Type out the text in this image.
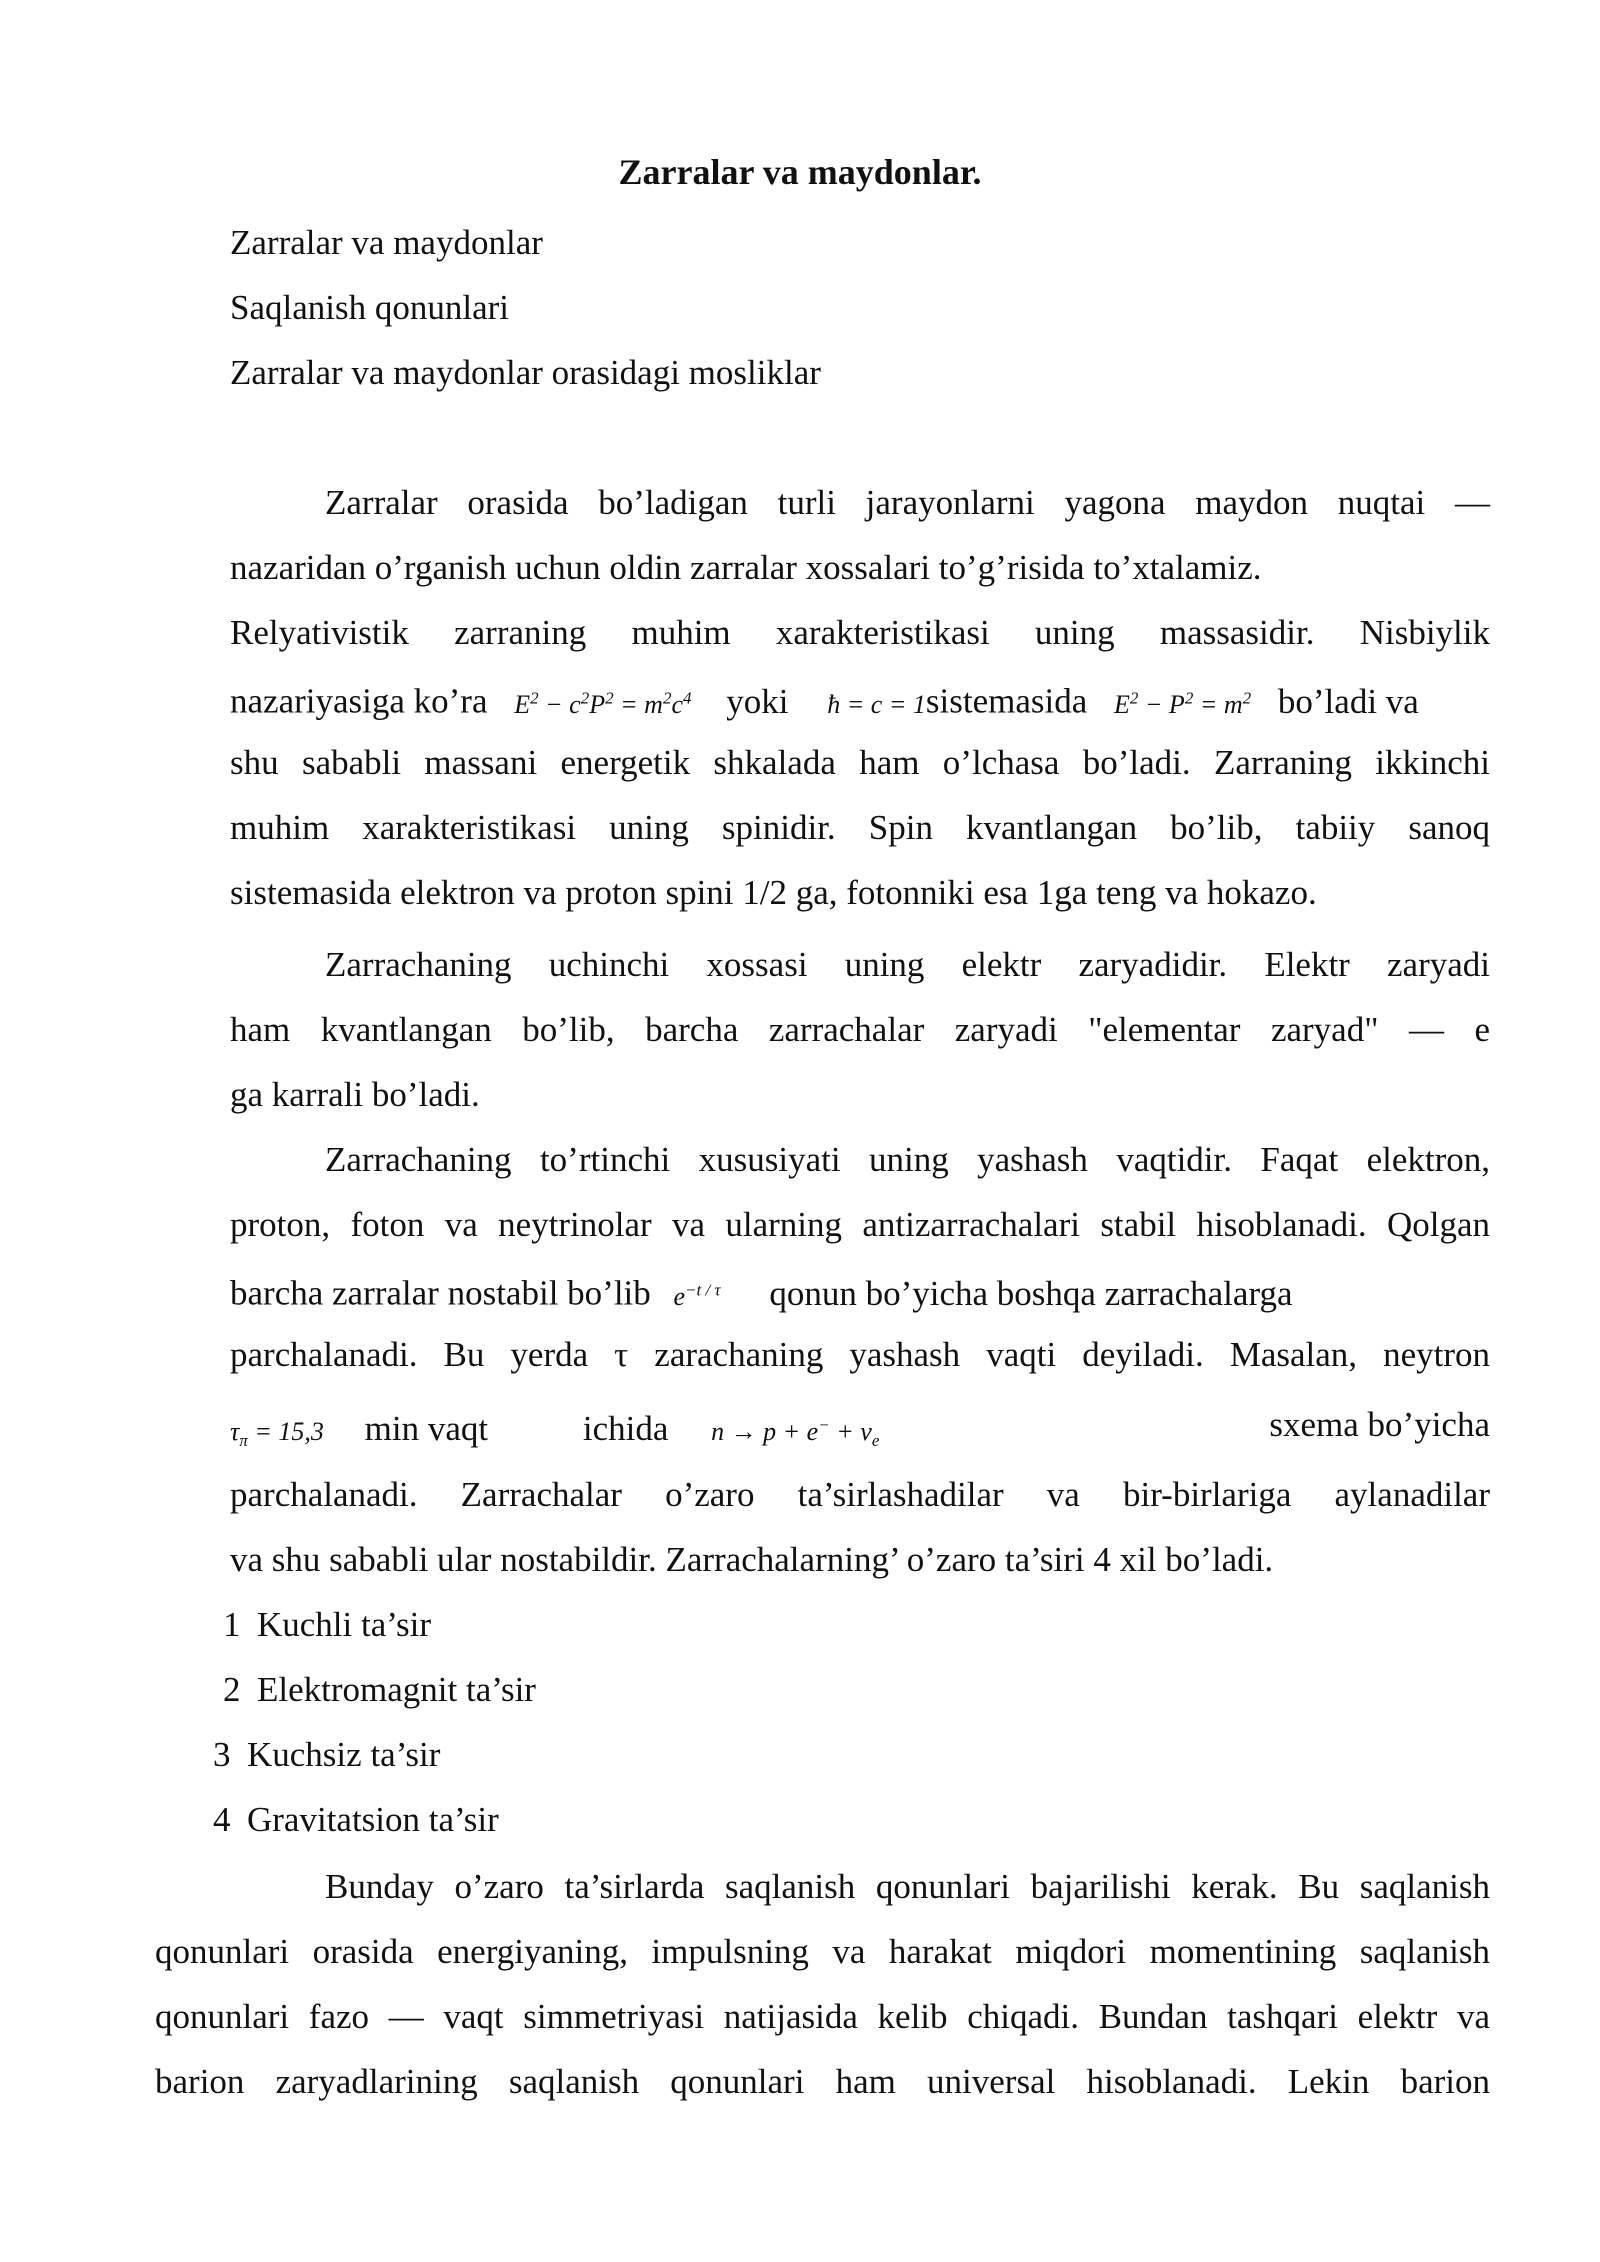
Zarralar va maydonlar.
Zarralar va maydonlar
Saqlanish qonunlari
Zarralar va maydonlar orasidagi mosliklar
Zarralar orasida bo’ladigan turli jarayonlarni yagona maydon nuqtai —
nazaridan o’rganish uchun oldin zarralar xossalari to’g’risida to’xtalamiz.
Relyativistik zarraning muhim xarakteristikasi uning massasidir. Nisbiylik
nazariyasiga ko’ra $E^2 - c^2P^2 = m^2c^4$ yoki ħ = c = 1sistemasida $E^2 - P^2 = m^2$ bo’ladi va
shu sababli massani energetik shkalada ham o’lchasa bo’ladi. Zarraning ikkinchi
muhim xarakteristikasi uning spinidir. Spin kvantlangan bo’lib, tabiiy sanoq
sistemasida elektron va proton spini 1/2 ga, fotonniki esa 1ga teng va hokazo.
Zarrachaning uchinchi xossasi uning elektr zaryadidir. Elektr zaryadi
ham kvantlangan bo’lib, barcha zarrachalar zaryadi "elementar zaryad" — e
ga karrali bo’ladi.
Zarrachaning to’rtinchi xususiyati uning yashash vaqtidir. Faqat elektron,
proton, foton va neytrinolar va ularning antizarrachalari stabil hisoblanadi. Qolgan
barcha zarralar nostabil bo’lib $e^{-t / \tau}$ qonun bo’yicha boshqa zarrachalarga
parchalanadi. Bu yerda τ zarachaning yashash vaqti deyiladi. Masalan, neytron
$\tau_\pi = 15,3$ min vaqt	ichida $n \to p + e^- + \nu_e$	sxema bo’yicha
parchalanadi. Zarrachalar o’zaro ta’sirlashadilar va bir-birlariga aylanadilar
va shu sababli ular nostabildir. Zarrachalarning’ o’zaro ta’siri 4 xil bo’ladi.
1 Kuchli ta’sir
2 Elektromagnit ta’sir
3 Kuchsiz ta’sir
4 Gravitatsion ta’sir
Bunday o’zaro ta’sirlarda saqlanish qonunlari bajarilishi kerak. Bu saqlanish
qonunlari orasida energiyaning, impulsning va harakat miqdori momentining saqlanish
qonunlari fazo — vaqt simmetriyasi natijasida kelib chiqadi. Bundan tashqari elektr va
barion zaryadlarining saqlanish qonunlari ham universal hisoblanadi. Lekin barion
